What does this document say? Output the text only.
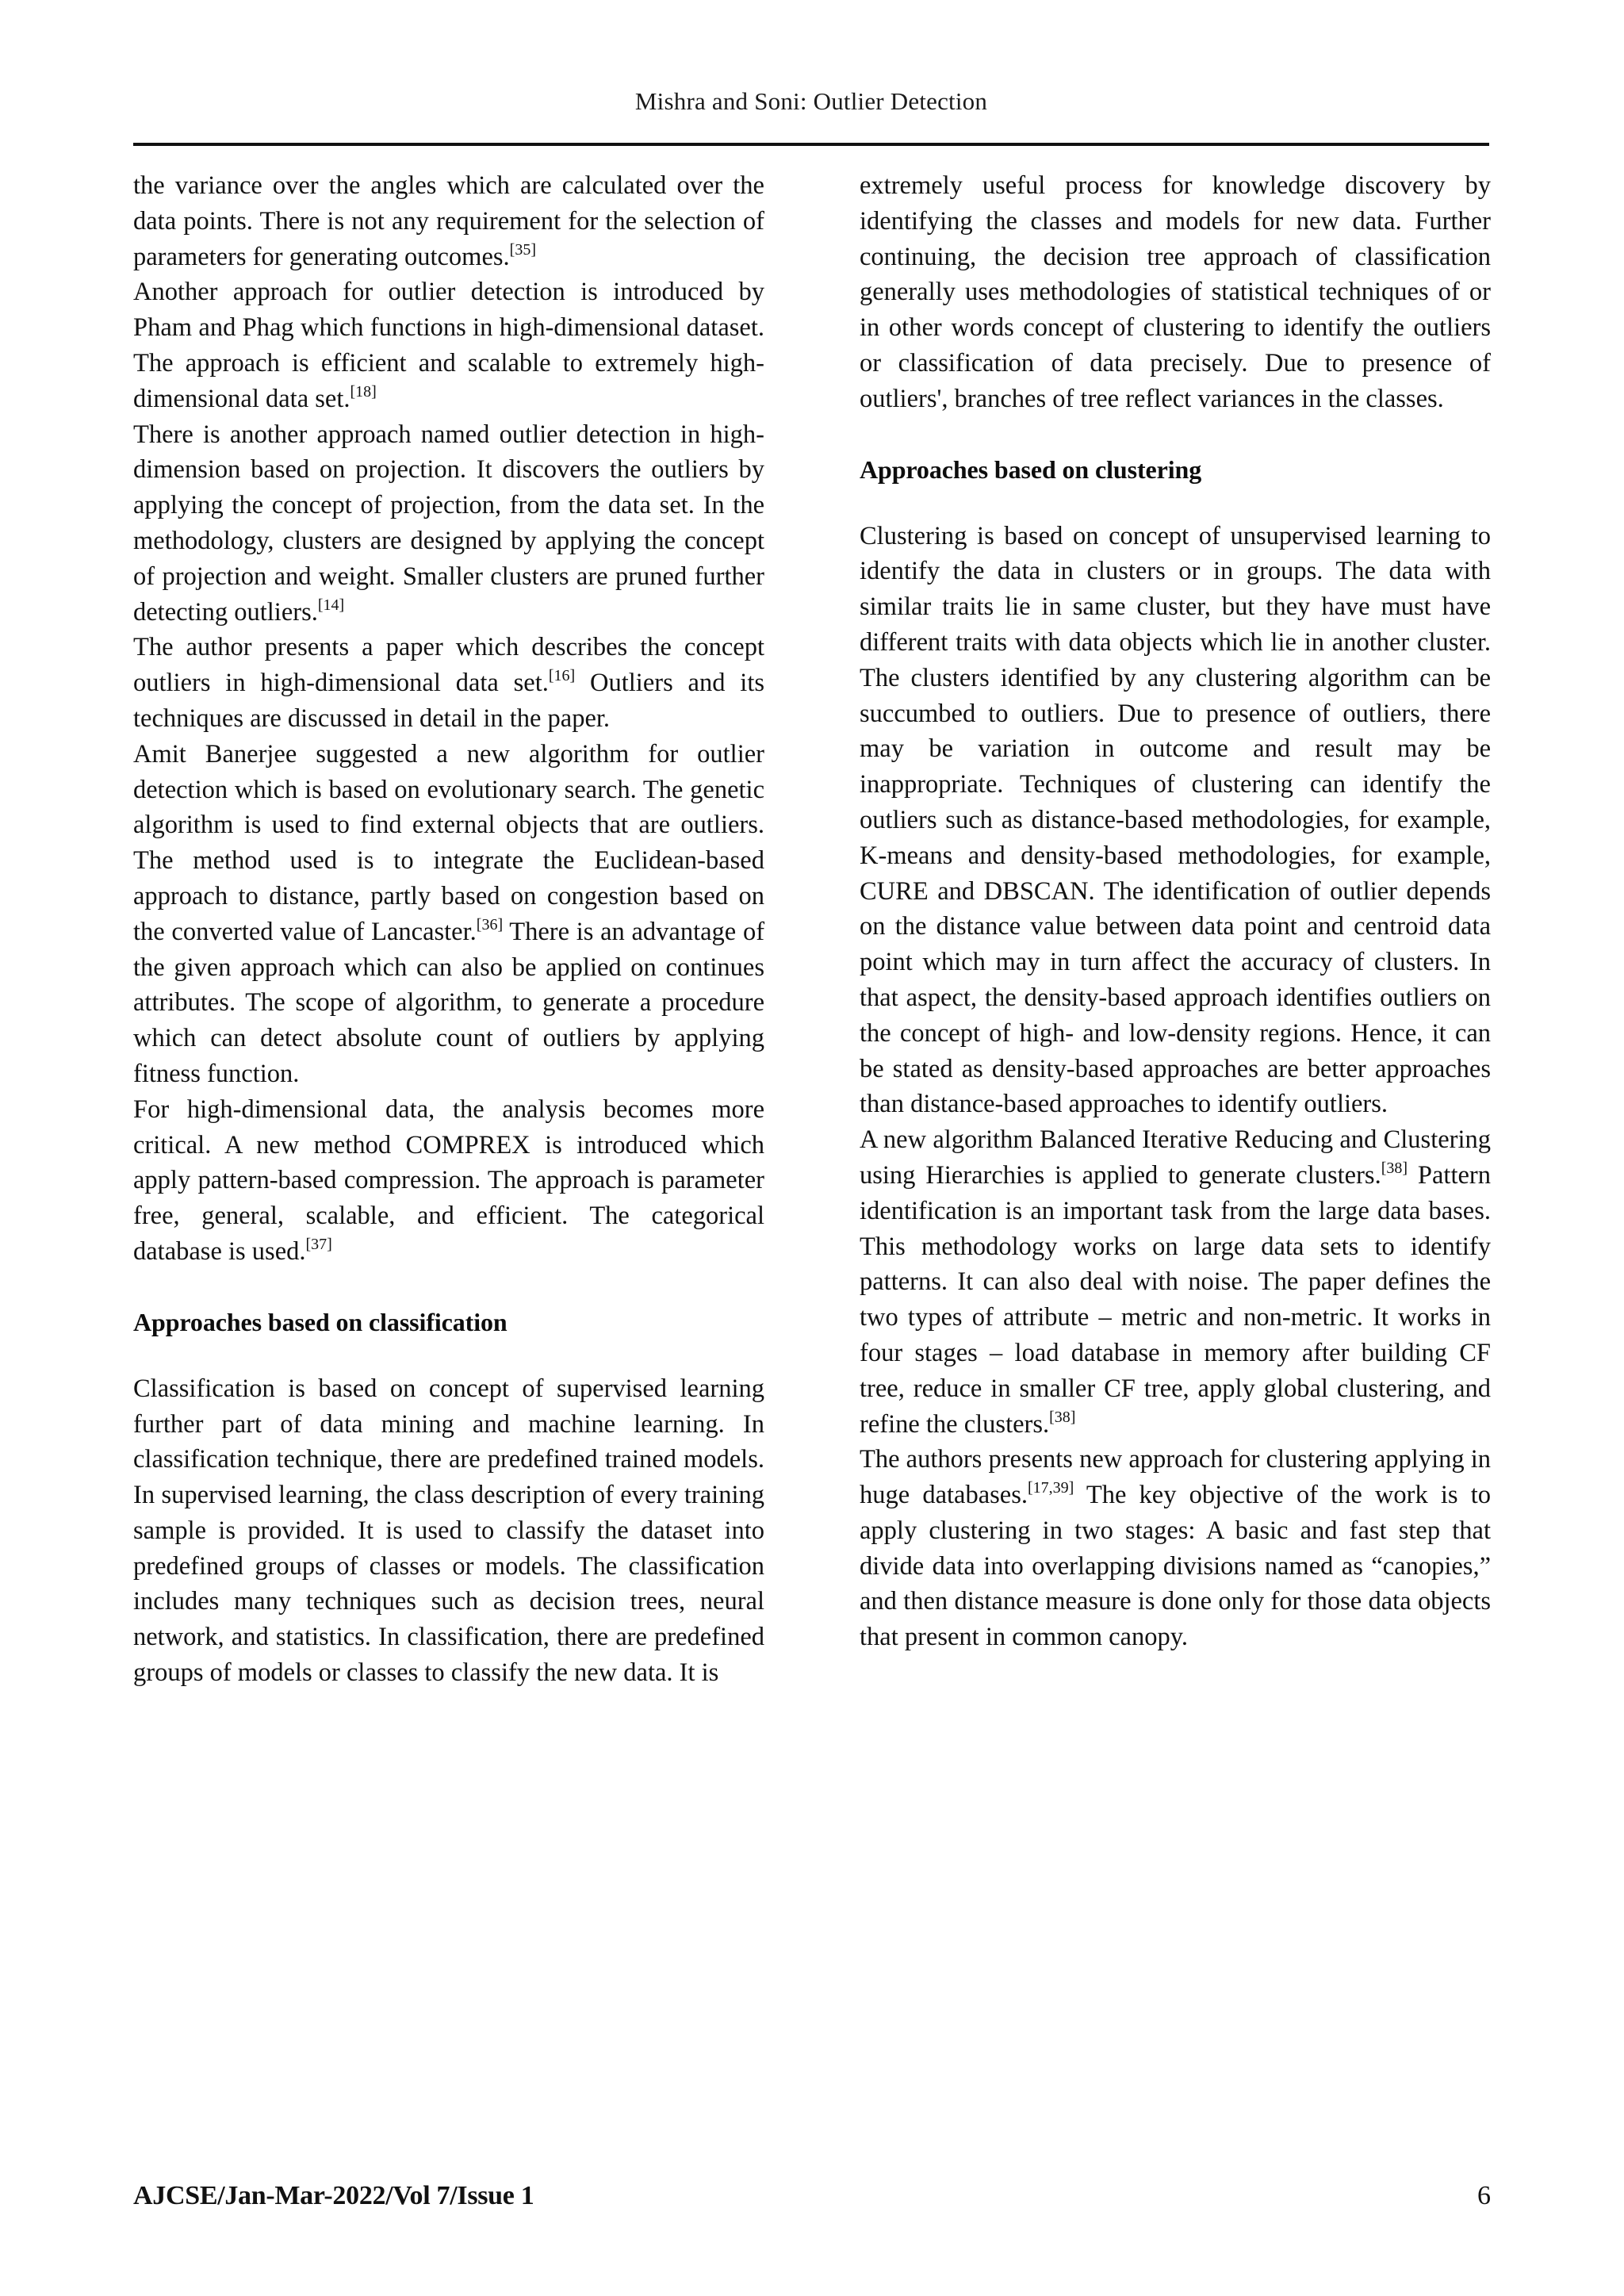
Mishra and Soni: Outlier Detection

the variance over the angles which are calculated over the data points. There is not any requirement for the selection of parameters for generating outcomes.[35]

Another approach for outlier detection is introduced by Pham and Phag which functions in high-dimensional dataset. The approach is efficient and scalable to extremely high-dimensional data set.[18]

There is another approach named outlier detection in high-dimension based on projection. It discovers the outliers by applying the concept of projection, from the data set. In the methodology, clusters are designed by applying the concept of projection and weight. Smaller clusters are pruned further detecting outliers.[14]

The author presents a paper which describes the concept outliers in high-dimensional data set.[16] Outliers and its techniques are discussed in detail in the paper.

Amit Banerjee suggested a new algorithm for outlier detection which is based on evolutionary search. The genetic algorithm is used to find external objects that are outliers. The method used is to integrate the Euclidean-based approach to distance, partly based on congestion based on the converted value of Lancaster.[36] There is an advantage of the given approach which can also be applied on continues attributes. The scope of algorithm, to generate a procedure which can detect absolute count of outliers by applying fitness function.

For high-dimensional data, the analysis becomes more critical. A new method COMPREX is introduced which apply pattern-based compression. The approach is parameter free, general, scalable, and efficient. The categorical database is used.[37]

Approaches based on classification

Classification is based on concept of supervised learning further part of data mining and machine learning. In classification technique, there are predefined trained models. In supervised learning, the class description of every training sample is provided. It is used to classify the dataset into predefined groups of classes or models. The classification includes many techniques such as decision trees, neural network, and statistics. In classification, there are predefined groups of models or classes to classify the new data. It is

extremely useful process for knowledge discovery by identifying the classes and models for new data. Further continuing, the decision tree approach of classification generally uses methodologies of statistical techniques of or in other words concept of clustering to identify the outliers or classification of data precisely. Due to presence of outliers', branches of tree reflect variances in the classes.

Approaches based on clustering

Clustering is based on concept of unsupervised learning to identify the data in clusters or in groups. The data with similar traits lie in same cluster, but they have must have different traits with data objects which lie in another cluster. The clusters identified by any clustering algorithm can be succumbed to outliers. Due to presence of outliers, there may be variation in outcome and result may be inappropriate. Techniques of clustering can identify the outliers such as distance-based methodologies, for example, K-means and density-based methodologies, for example, CURE and DBSCAN. The identification of outlier depends on the distance value between data point and centroid data point which may in turn affect the accuracy of clusters. In that aspect, the density-based approach identifies outliers on the concept of high- and low-density regions. Hence, it can be stated as density-based approaches are better approaches than distance-based approaches to identify outliers.

A new algorithm Balanced Iterative Reducing and Clustering using Hierarchies is applied to generate clusters.[38] Pattern identification is an important task from the large data bases. This methodology works on large data sets to identify patterns. It can also deal with noise. The paper defines the two types of attribute – metric and non-metric. It works in four stages – load database in memory after building CF tree, reduce in smaller CF tree, apply global clustering, and refine the clusters.[38]

The authors presents new approach for clustering applying in huge databases.[17,39] The key objective of the work is to apply clustering in two stages: A basic and fast step that divide data into overlapping divisions named as “canopies,” and then distance measure is done only for those data objects that present in common canopy.

AJCSE/Jan-Mar-2022/Vol 7/Issue 1	6
